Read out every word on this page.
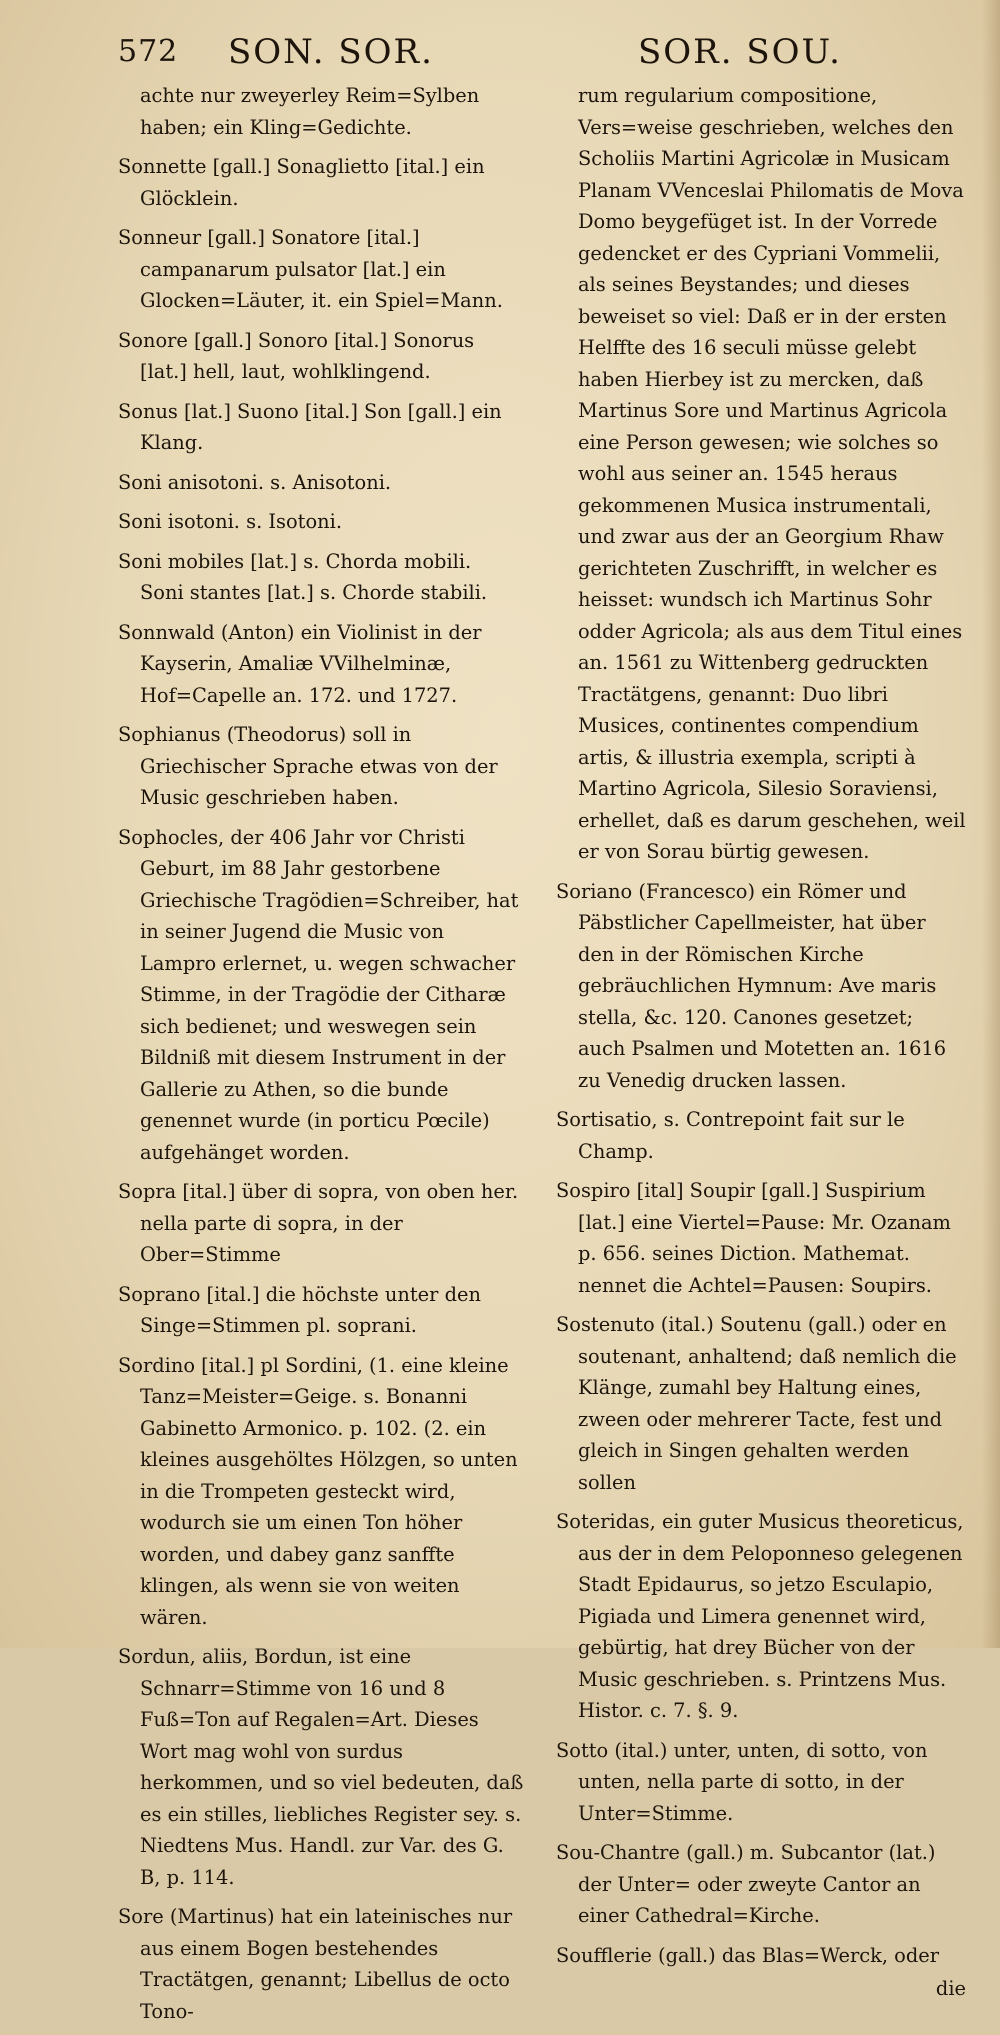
572 SON. SOR.	SOR. SOU.

achte nur zweyerley Reim=Sylben haben; ein Kling=Gedichte.

Sonnette [gall.] Sonaglietto [ital.] ein Glöcklein.

Sonneur [gall.] Sonatore [ital.] campanarum pulsator [lat.] ein Glocken=Läuter, it. ein Spiel=Mann.

Sonore [gall.] Sonoro [ital.] Sonorus [lat.] hell, laut, wohlklingend.

Sonus [lat.] Suono [ital.] Son [gall.] ein Klang.

Soni anisotoni. s. Anisotoni.

Soni isotoni. s. Isotoni.

Soni mobiles [lat.] s. Chorda mobili.

Soni stantes [lat.] s. Chorde stabili.

Sonnwald (Anton) ein Violinist in der Kayserin, Amaliæ VVilhelminæ, Hof=Capelle an. 172. und 1727.

Sophianus (Theodorus) soll in Griechischer Sprache etwas von der Music geschrieben haben.

Sophocles, der 406 Jahr vor Christi Geburt, im 88 Jahr gestorbene Griechische Tragödien=Schreiber, hat in seiner Jugend die Music von Lampro erlernet, u. wegen schwacher Stimme, in der Tragödie der Citharæ sich bedienet; und weswegen sein Bildniß mit diesem Instrument in der Gallerie zu Athen, so die bunde genennet wurde (in porticu Pœcile) aufgehänget worden.

Sopra [ital.] über di sopra, von oben her. nella parte di sopra, in der Ober=Stimme

Soprano [ital.] die höchste unter den Singe=Stimmen pl. soprani.

Sordino [ital.] pl Sordini, (1. eine kleine Tanz=Meister=Geige. s. Bonanni Gabinetto Armonico. p. 102. (2. ein kleines ausgehöltes Hölzgen, so unten in die Trompeten gesteckt wird, wodurch sie um einen Ton höher worden, und dabey ganz sanffte klingen, als wenn sie von weiten wären.

Sordun, aliis, Bordun, ist eine Schnarr=Stimme von 16 und 8 Fuß=Ton auf Regalen=Art. Dieses Wort mag wohl von surdus herkommen, und so viel bedeuten, daß es ein stilles, liebliches Register sey. s. Niedtens Mus. Handl. zur Var. des G. B, p. 114.

Sore (Martinus) hat ein lateinisches nur aus einem Bogen bestehendes Tractätgen, genannt; Libellus de octo Tono-

rum regularium compositione, Vers=weise geschrieben, welches den Scholiis Martini Agricolæ in Musicam Planam VVenceslai Philomatis de Mova Domo beygefüget ist. In der Vorrede gedencket er des Cypriani Vommelii, als seines Beystandes; und dieses beweiset so viel: Daß er in der ersten Helffte des 16 seculi müsse gelebt haben Hierbey ist zu mercken, daß Martinus Sore und Martinus Agricola eine Person gewesen; wie solches so wohl aus seiner an. 1545 heraus gekommenen Musica instrumentali, und zwar aus der an Georgium Rhaw gerichteten Zuschrifft, in welcher es heisset: wundsch ich Martinus Sohr odder Agricola; als aus dem Titul eines an. 1561 zu Wittenberg gedruckten Tractätgens, genannt: Duo libri Musices, continentes compendium artis, & illustria exempla, scripti à Martino Agricola, Silesio Soraviensi, erhellet, daß es darum geschehen, weil er von Sorau bürtig gewesen.

Soriano (Francesco) ein Römer und Päbstlicher Capellmeister, hat über den in der Römischen Kirche gebräuchlichen Hymnum: Ave maris stella, &c. 120. Canones gesetzet; auch Psalmen und Motetten an. 1616 zu Venedig drucken lassen.

Sortisatio, s. Contrepoint fait sur le Champ.

Sospiro [ital] Soupir [gall.] Suspirium [lat.] eine Viertel=Pause: Mr. Ozanam p. 656. seines Diction. Mathemat. nennet die Achtel=Pausen: Soupirs.

Sostenuto (ital.) Soutenu (gall.) oder en soutenant, anhaltend; daß nemlich die Klänge, zumahl bey Haltung eines, zween oder mehrerer Tacte, fest und gleich in Singen gehalten werden sollen

Soteridas, ein guter Musicus theoreticus, aus der in dem Peloponneso gelegenen Stadt Epidaurus, so jetzo Esculapio, Pigiada und Limera genennet wird, gebürtig, hat drey Bücher von der Music geschrieben. s. Printzens Mus. Histor. c. 7. §. 9.

Sotto (ital.) unter, unten, di sotto, von unten, nella parte di sotto, in der Unter=Stimme.

Sou-Chantre (gall.) m. Subcantor (lat.) der Unter= oder zweyte Cantor an einer Cathedral=Kirche.

Soufflerie (gall.) das Blas=Werck, oder

die
